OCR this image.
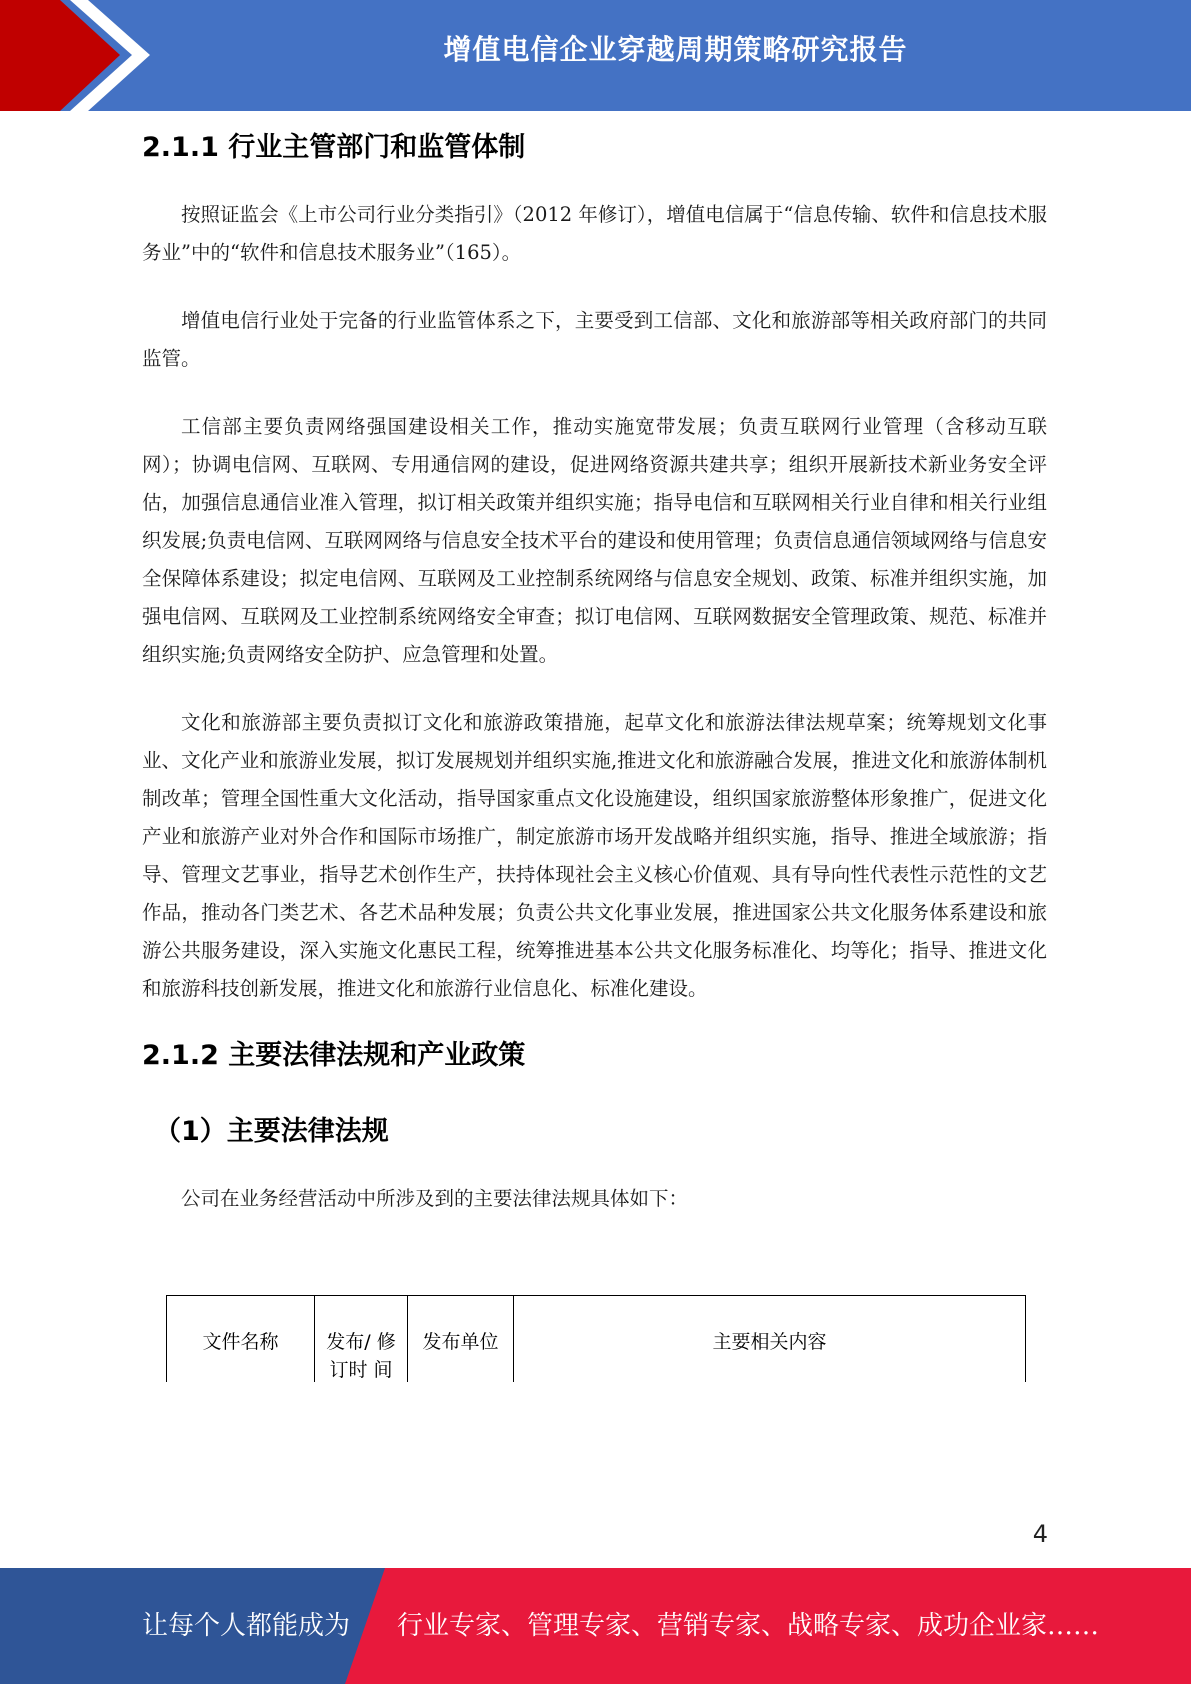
增值电信企业穿越周期策略研究报告
2.1.1 行业主管部门和监管体制

按照证监会《上市公司行业分类指引》（2012 年修订），增值电信属于“信息传输、软件和信息技术服务业”中的“软件和信息技术服务业”（165）。

增值电信行业处于完备的行业监管体系之下，主要受到工信部、文化和旅游部等相关政府部门的共同监管。

工信部主要负责网络强国建设相关工作，推动实施宽带发展；负责互联网行业管理（含移动互联网）；协调电信网、互联网、专用通信网的建设，促进网络资源共建共享；组织开展新技术新业务安全评估，加强信息通信业准入管理，拟订相关政策并组织实施；指导电信和互联网相关行业自律和相关行业组织发展;负责电信网、互联网网络与信息安全技术平台的建设和使用管理；负责信息通信领域网络与信息安全保障体系建设；拟定电信网、互联网及工业控制系统网络与信息安全规划、政策、标准并组织实施，加强电信网、互联网及工业控制系统网络安全审查；拟订电信网、互联网数据安全管理政策、规范、标准并组织实施;负责网络安全防护、应急管理和处置。

文化和旅游部主要负责拟订文化和旅游政策措施，起草文化和旅游法律法规草案；统筹规划文化事业、文化产业和旅游业发展，拟订发展规划并组织实施,推进文化和旅游融合发展，推进文化和旅游体制机制改革；管理全国性重大文化活动，指导国家重点文化设施建设，组织国家旅游整体形象推广，促进文化产业和旅游产业对外合作和国际市场推广，制定旅游市场开发战略并组织实施，指导、推进全域旅游；指导、管理文艺事业，指导艺术创作生产，扶持体现社会主义核心价值观、具有导向性代表性示范性的文艺作品，推动各门类艺术、各艺术品种发展；负责公共文化事业发展，推进国家公共文化服务体系建设和旅游公共服务建设，深入实施文化惠民工程，统筹推进基本公共文化服务标准化、均等化；指导、推进文化和旅游科技创新发展，推进文化和旅游行业信息化、标准化建设。

2.1.2 主要法律法规和产业政策
（1）主要法律法规

公司在业务经营活动中所涉及到的主要法律法规具体如下：

文件名称	发布/ 修订时 间
发布单位	主要相关内容
4
让每个人都能成为 行业专家、管理专家、营销专家、战略专家、成功企业家……
